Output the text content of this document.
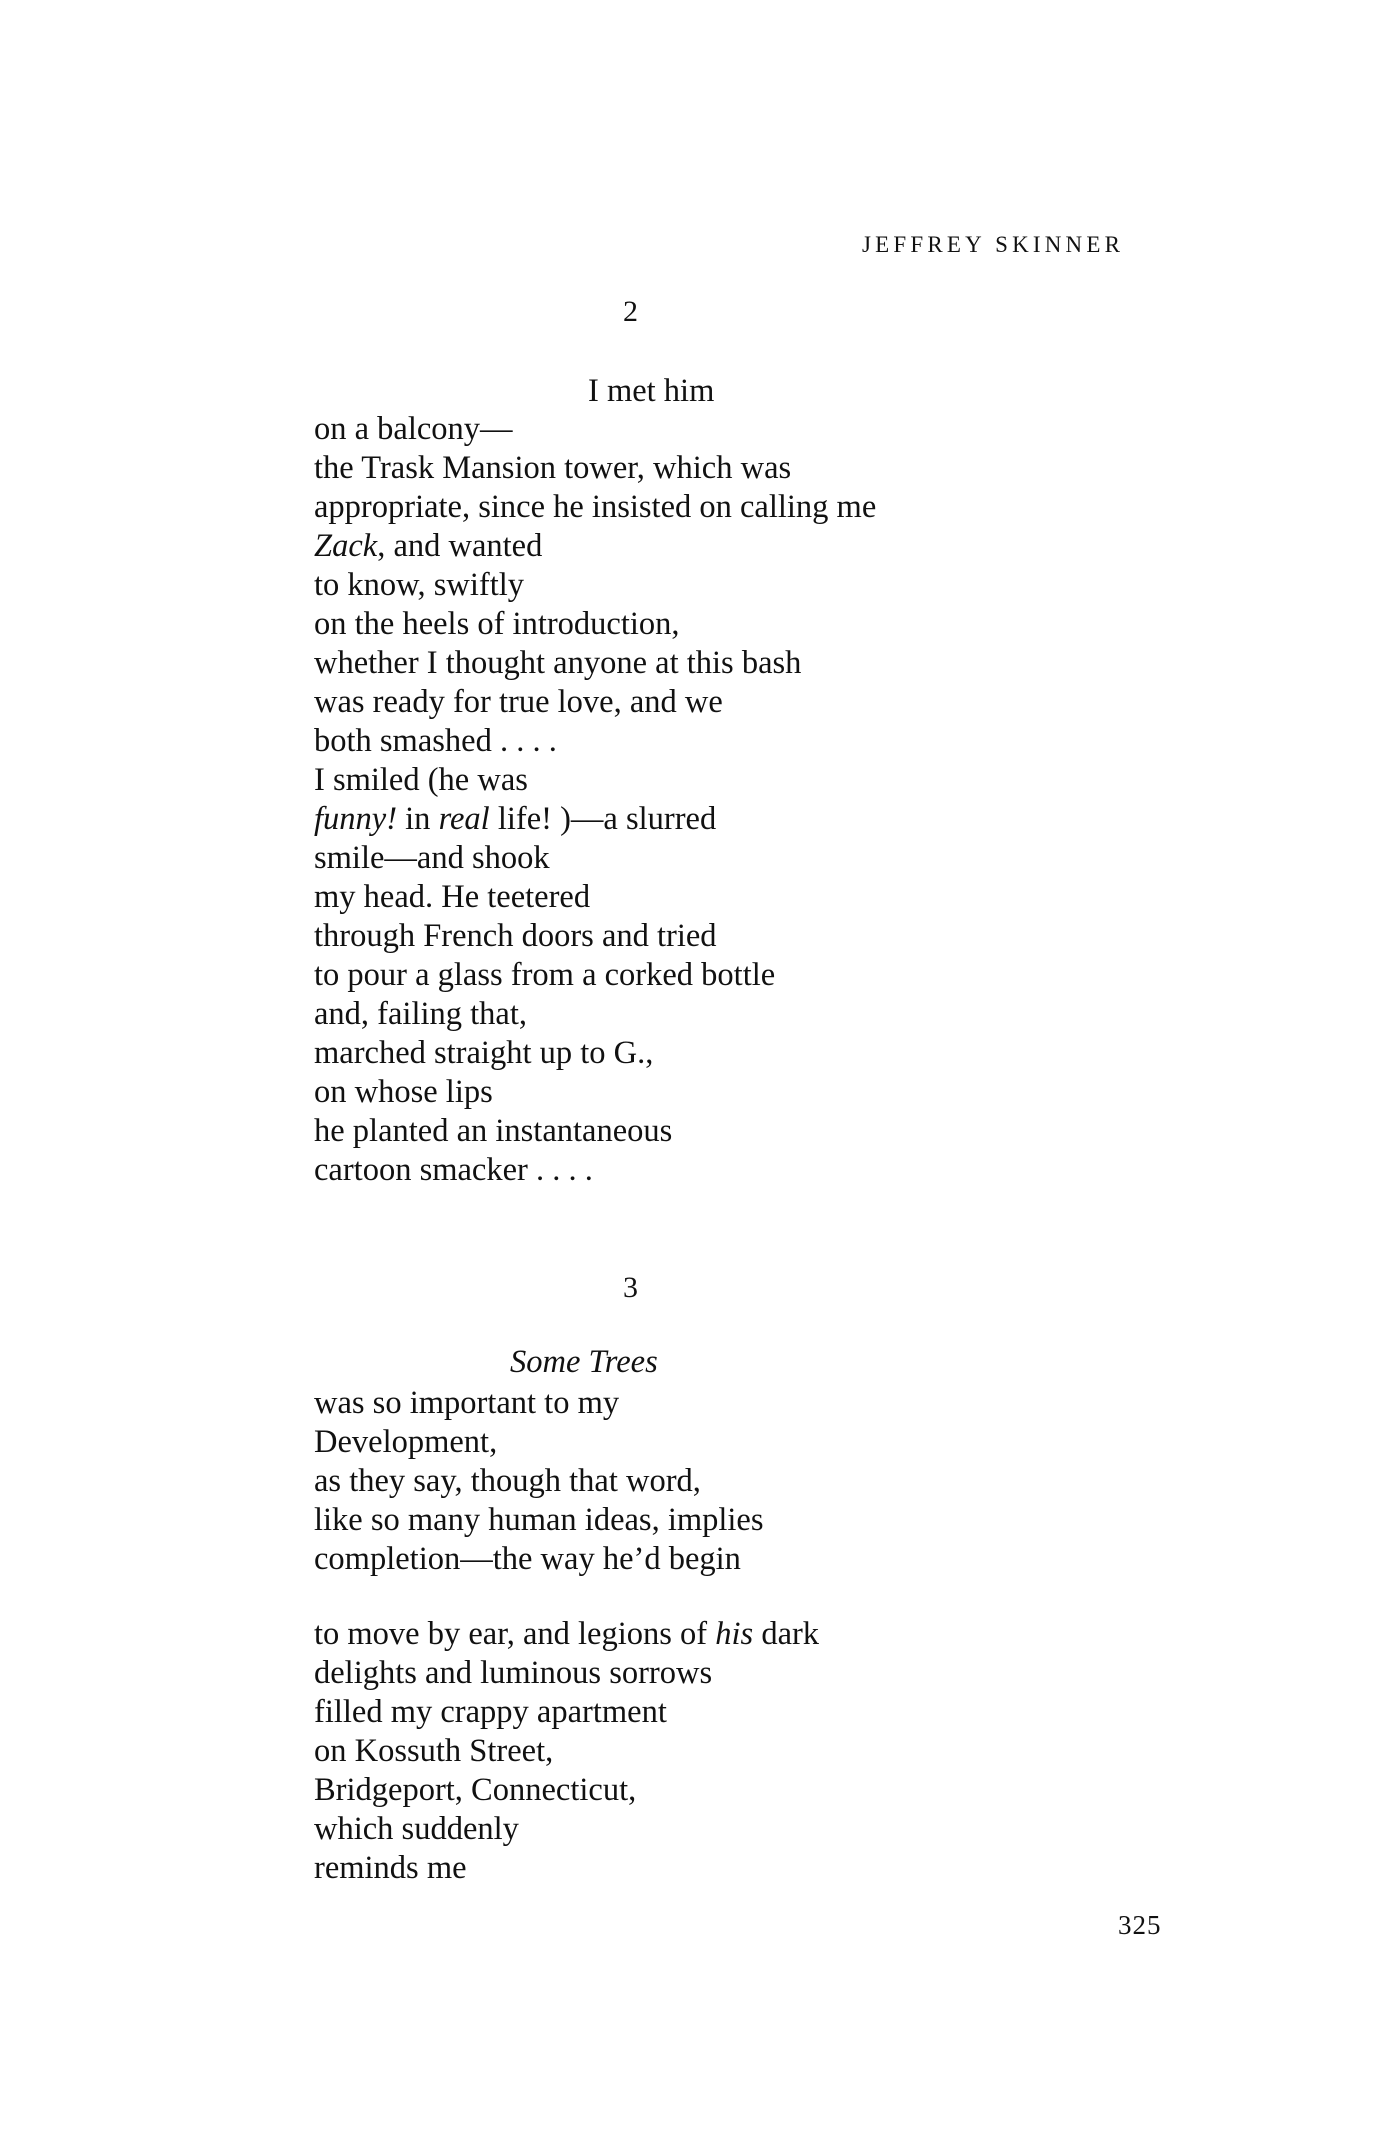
JEFFREY SKINNER
2
I met him
on a balcony—
the Trask Mansion tower, which was
appropriate, since he insisted on calling me
Zack, and wanted
to know, swiftly
on the heels of introduction,
whether I thought anyone at this bash
was ready for true love, and we
both smashed . . . .
I smiled (he was
funny! in real life! )—a slurred
smile—and shook
my head. He teetered
through French doors and tried
to pour a glass from a corked bottle
and, failing that,
marched straight up to G.,
on whose lips
he planted an instantaneous
cartoon smacker . . . .
3
Some Trees
was so important to my
Development,
as they say, though that word,
like so many human ideas, implies
completion—the way he’d begin
to move by ear, and legions of his dark
delights and luminous sorrows
filled my crappy apartment
on Kossuth Street,
Bridgeport, Connecticut,
which suddenly
reminds me
325
